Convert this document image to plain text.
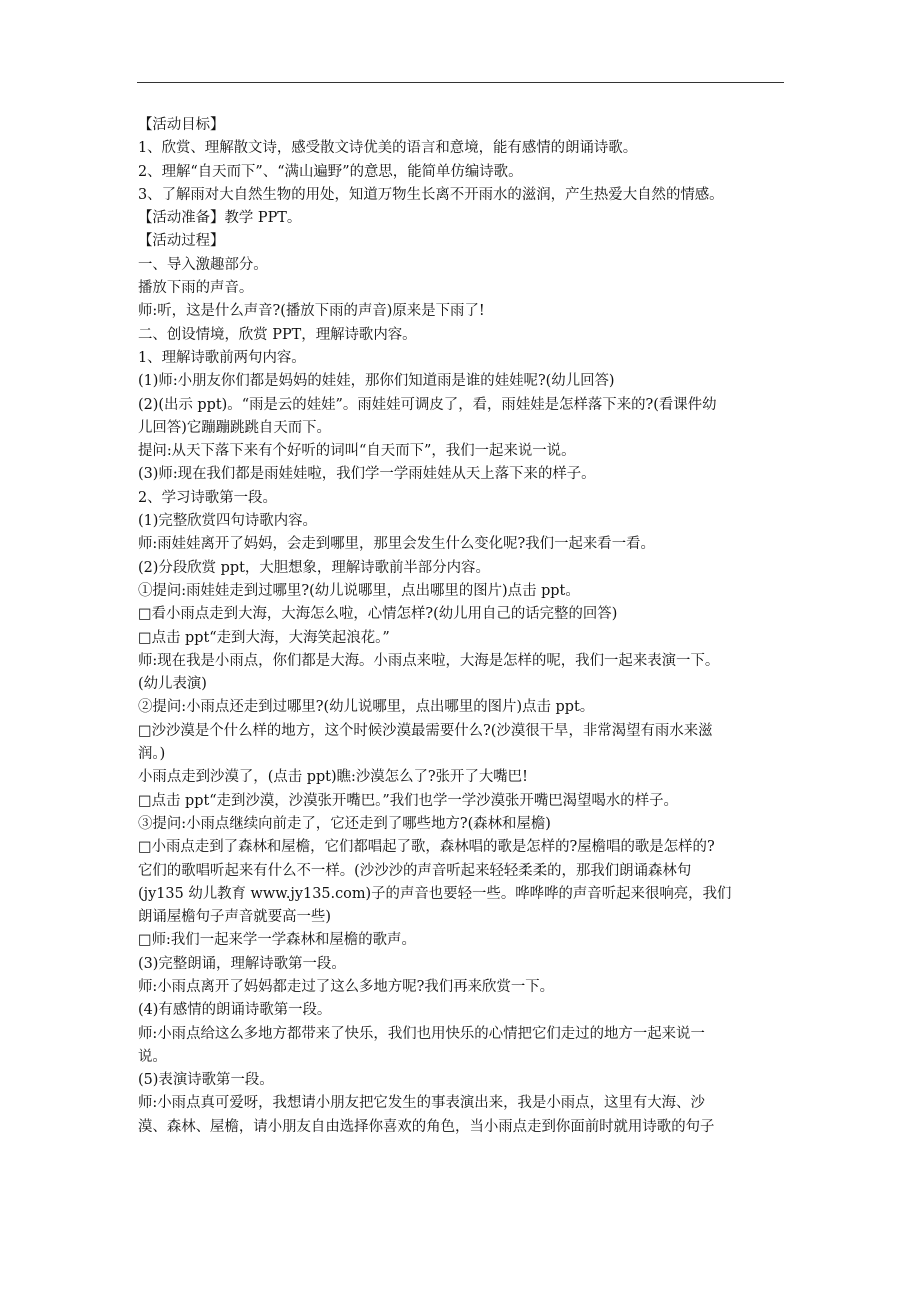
【活动目标】
1、欣赏、理解散文诗，感受散文诗优美的语言和意境，能有感情的朗诵诗歌。
2、理解“自天而下”、“满山遍野”的意思，能简单仿编诗歌。
3、了解雨对大自然生物的用处，知道万物生长离不开雨水的滋润，产生热爱大自然的情感。
【活动准备】教学 PPT。
【活动过程】
一、导入激趣部分。
播放下雨的声音。
师:听，这是什么声音?(播放下雨的声音)原来是下雨了!
二、创设情境，欣赏 PPT，理解诗歌内容。
1、理解诗歌前两句内容。
(1)师:小朋友你们都是妈妈的娃娃，那你们知道雨是谁的娃娃呢?(幼儿回答)
(2)(出示 ppt)。“雨是云的娃娃”。雨娃娃可调皮了，看，雨娃娃是怎样落下来的?(看课件幼
儿回答)它蹦蹦跳跳自天而下。
提问:从天下落下来有个好听的词叫“自天而下”，我们一起来说一说。
(3)师:现在我们都是雨娃娃啦，我们学一学雨娃娃从天上落下来的样子。
2、学习诗歌第一段。
(1)完整欣赏四句诗歌内容。
师:雨娃娃离开了妈妈，会走到哪里，那里会发生什么变化呢?我们一起来看一看。
(2)分段欣赏 ppt，大胆想象，理解诗歌前半部分内容。
①提问:雨娃娃走到过哪里?(幼儿说哪里，点出哪里的图片)点击 ppt。
□看小雨点走到大海，大海怎么啦，心情怎样?(幼儿用自己的话完整的回答)
□点击 ppt“走到大海，大海笑起浪花。”
师:现在我是小雨点，你们都是大海。小雨点来啦，大海是怎样的呢，我们一起来表演一下。
(幼儿表演)
②提问:小雨点还走到过哪里?(幼儿说哪里，点出哪里的图片)点击 ppt。
□沙沙漠是个什么样的地方，这个时候沙漠最需要什么?(沙漠很干旱，非常渴望有雨水来滋
润。)
小雨点走到沙漠了，(点击 ppt)瞧:沙漠怎么了?张开了大嘴巴!
□点击 ppt“走到沙漠，沙漠张开嘴巴。”我们也学一学沙漠张开嘴巴渴望喝水的样子。
③提问:小雨点继续向前走了，它还走到了哪些地方?(森林和屋檐)
□小雨点走到了森林和屋檐，它们都唱起了歌，森林唱的歌是怎样的?屋檐唱的歌是怎样的?
它们的歌唱听起来有什么不一样。(沙沙沙的声音听起来轻轻柔柔的，那我们朗诵森林句
(jy135 幼儿教育 www.jy135.com)子的声音也要轻一些。哗哗哗的声音听起来很响亮，我们
朗诵屋檐句子声音就要高一些)
□师:我们一起来学一学森林和屋檐的歌声。
(3)完整朗诵，理解诗歌第一段。
师:小雨点离开了妈妈都走过了这么多地方呢?我们再来欣赏一下。
(4)有感情的朗诵诗歌第一段。
师:小雨点给这么多地方都带来了快乐，我们也用快乐的心情把它们走过的地方一起来说一
说。
(5)表演诗歌第一段。
师:小雨点真可爱呀，我想请小朋友把它发生的事表演出来，我是小雨点，这里有大海、沙
漠、森林、屋檐，请小朋友自由选择你喜欢的角色，当小雨点走到你面前时就用诗歌的句子
